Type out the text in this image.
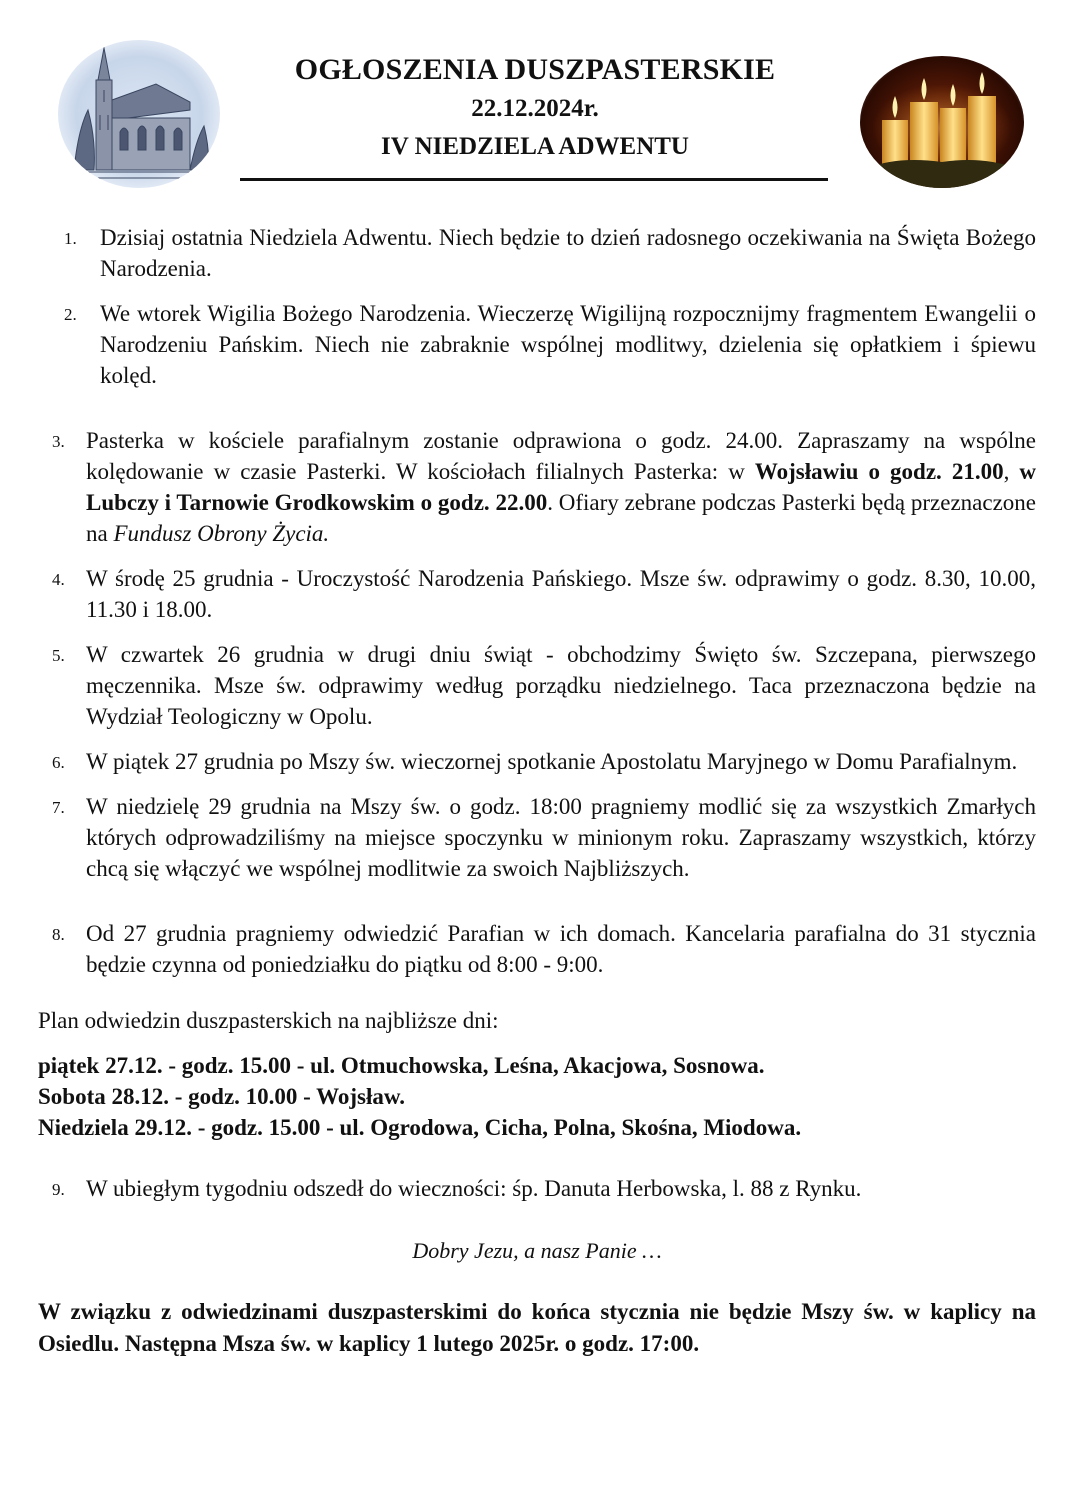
OGŁOSZENIA DUSZPASTERSKIE
22.12.2024r.
IV NIEDZIELA ADWENTU
1. Dzisiaj ostatnia Niedziela Adwentu. Niech będzie to dzień radosnego oczekiwania na Święta Bożego Narodzenia.
2. We wtorek Wigilia Bożego Narodzenia. Wieczerzę Wigilijną rozpocznijmy fragmentem Ewangelii o Narodzeniu Pańskim. Niech nie zabraknie wspólnej modlitwy, dzielenia się opłatkiem i śpiewu kolęd.
3. Pasterka w kościele parafialnym zostanie odprawiona o godz. 24.00. Zapraszamy na wspólne kolędowanie w czasie Pasterki. W kościołach filialnych Pasterka: w Wojsławiu o godz. 21.00, w Lubczy i Tarnowie Grodkowskim o godz. 22.00. Ofiary zebrane podczas Pasterki będą przeznaczone na Fundusz Obrony Życia.
4. W środę 25 grudnia - Uroczystość Narodzenia Pańskiego. Msze św. odprawimy o godz. 8.30, 10.00, 11.30 i 18.00.
5. W czwartek 26 grudnia w drugi dniu świąt - obchodzimy Święto św. Szczepana, pierwszego męczennika. Msze św. odprawimy według porządku niedzielnego. Taca przeznaczona będzie na Wydział Teologiczny w Opolu.
6. W piątek 27 grudnia po Mszy św. wieczornej spotkanie Apostolatu Maryjnego w Domu Parafialnym.
7. W niedzielę 29 grudnia na Mszy św. o godz. 18:00 pragniemy modlić się za wszystkich Zmarłych których odprowadziliśmy na miejsce spoczynku w minionym roku. Zapraszamy wszystkich, którzy chcą się włączyć we wspólnej modlitwie za swoich Najbliższych.
8. Od 27 grudnia pragniemy odwiedzić Parafian w ich domach. Kancelaria parafialna do 31 stycznia będzie czynna od poniedziałku do piątku od 8:00 - 9:00.
Plan odwiedzin duszpasterskich na najbliższe dni:
piątek 27.12. - godz. 15.00 - ul. Otmuchowska, Leśna, Akacjowa, Sosnowa.
Sobota 28.12. - godz. 10.00 - Wojsław.
Niedziela 29.12. - godz. 15.00 - ul. Ogrodowa, Cicha, Polna, Skośna, Miodowa.
9. W ubiegłym tygodniu odszedł do wieczności: śp. Danuta Herbowska, l. 88 z Rynku.
Dobry Jezu, a nasz Panie …
W związku z odwiedzinami duszpasterskimi do końca stycznia nie będzie Mszy św. w kaplicy na Osiedlu. Następna Msza św. w kaplicy 1 lutego 2025r. o godz. 17:00.
